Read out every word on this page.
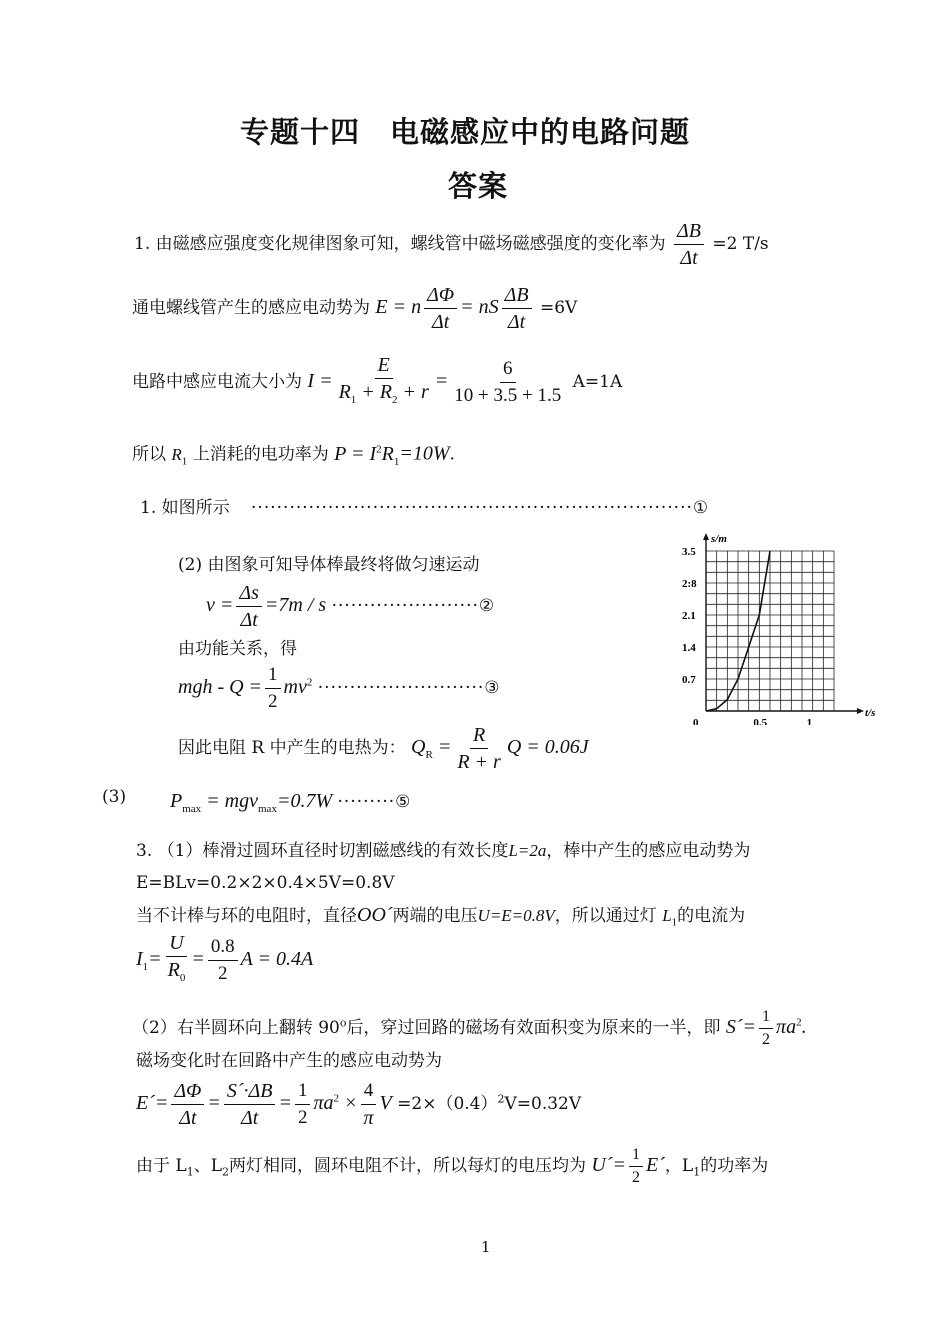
专题十四　电磁感应中的电路问题
答案
1. 由磁感应强度变化规律图象可知，螺线管中磁场磁感强度的变化率为 $\frac{\Delta B}{\Delta t} =2$ T/s
通电螺线管产生的感应电动势为 E = n $\frac{\Delta\Phi}{\Delta t}$ = nS $\frac{\Delta B}{\Delta t} =6V$
电路中感应电流大小为 $I = \frac{E}{R_1 + R_2 + r} = \frac{6}{10 + 3.5 + 1.5} A=1A$
所以 $R_1$ 上消耗的电功率为 $P = I^2R_1=10W$.
1. 如图所示 ·····································································①
(2) 由图象可知导体棒最终将做匀速运动
$v = \frac{\Delta s}{\Delta t} =7m / s$ ·······················②
由功能关系，得
mgh - $Q = \frac{1}{2} mv^2$ ··························③
因此电阻 R 中产生的电热为： $Q_R = \frac{R}{R + r}$ Q = 0.06J
(3) $P_{max} = mgv_{max}=0.7W$ ·········⑤
s/m
t/s
0	0.5	1
0.7
1.4
2.1
2:8
3.5
3. （1）棒滑过圆环直径时切割磁感线的有效长度L=2a，棒中产生的感应电动势为
E=BLv=0.2×2×0.4×5V=0.8V
当不计棒与环的电阻时，直径OO´两端的电压U=E=0.8V，所以通过灯 $L_1$的电流为
$I_1= \frac{U}{R_0} = \frac{0.8}{2}$ A = 0.4A
（2）右半圆环向上翻转 90$^o$后，穿过回路的磁场有效面积变为原来的一半，即 S´= $\frac{1}{2} \pi a^2$.
磁场变化时在回路中产生的感应电动势为
E´= $\frac{\Delta\Phi}{\Delta t} = \frac{S´\cdot\Delta B}{\Delta t} = \frac{1}{2} \pi a^2 \times \frac{4}{\pi}$ $V =2\times(0.4)^2V=0.32V$
由于 $L_1$、$L_2$两灯相同，圆环电阻不计，所以每灯的电压均为 U´= $\frac{1}{2}$ E´，$L_1$的功率为
1
